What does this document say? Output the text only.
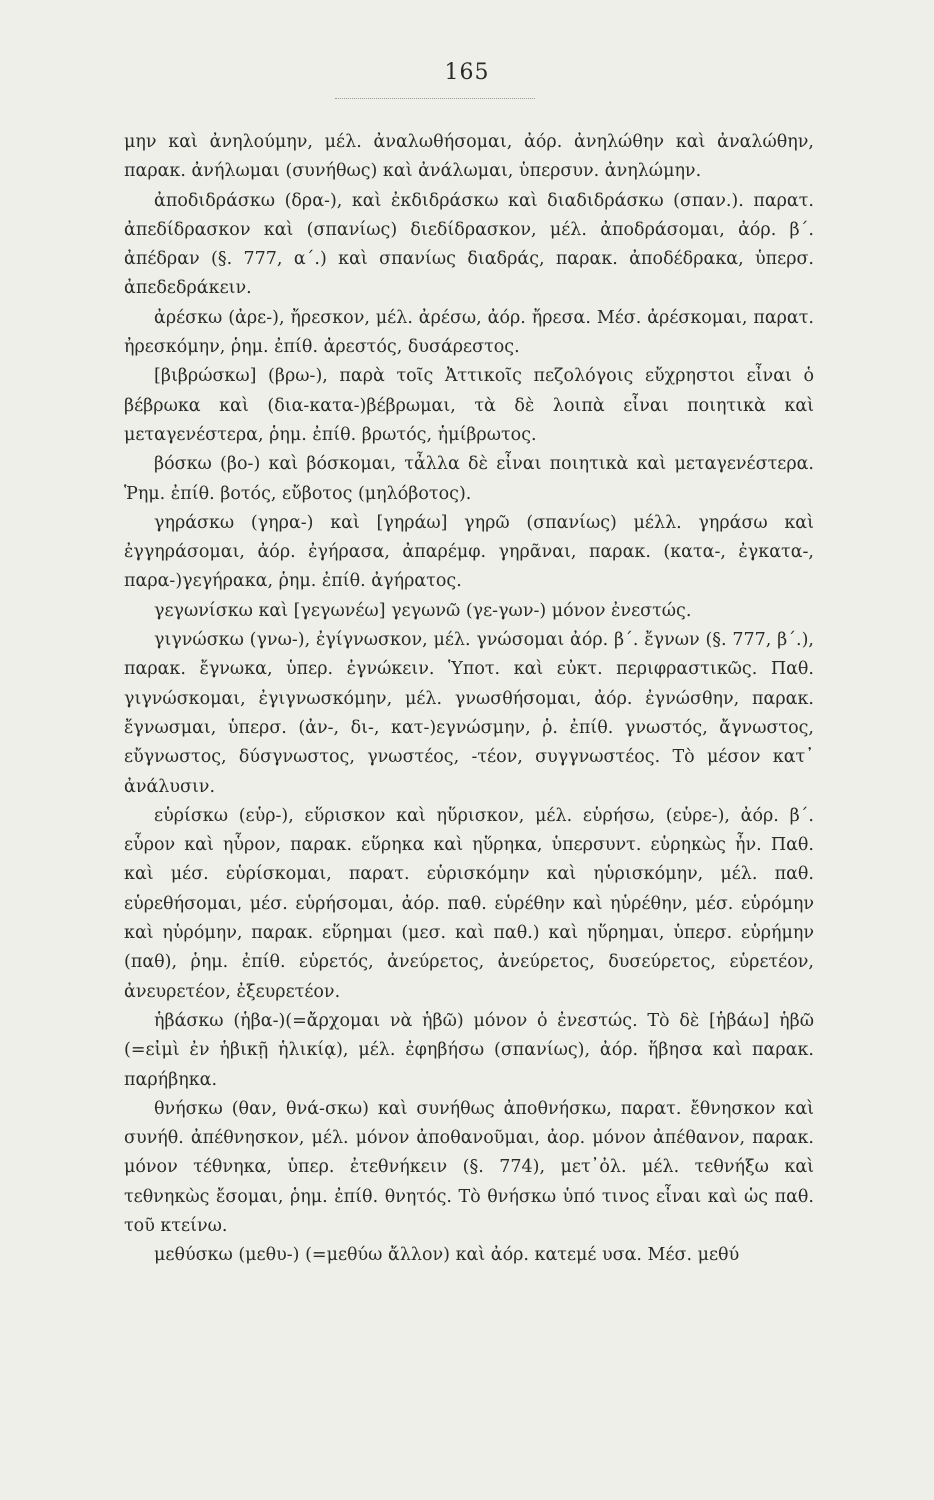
165

μην καὶ ἀνηλούμην, μέλ. ἀναλωθήσομαι, ἀόρ. ἀνηλώθην καὶ ἀναλώθην, παρακ. ἀνήλωμαι (συνήθως) καὶ ἀνάλωμαι, ὑπερσυν. ἀνηλώμην.

ἀποδιδράσκω (δρα-), καὶ ἐκδιδράσκω καὶ διαδιδράσκω (σπαν.). παρατ. ἀπεδίδρασκον καὶ (σπανίως) διεδίδρασκον, μέλ. ἀποδράσομαι, ἀόρ. β΄. ἀπέδραν (§. 777, α΄.) καὶ σπανίως διαδράς, παρακ. ἀποδέδρακα, ὑπερσ. ἀπεδεδράκειν.

ἀρέσκω (ἀρε-), ἤρεσκον, μέλ. ἀρέσω, ἀόρ. ἤρεσα. Μέσ. ἀρέσκομαι, παρατ. ἠρεσκόμην, ῥημ. ἐπίθ. ἀρεστός, δυσάρεστος.

[βιβρώσκω] (βρω-), παρὰ τοῖς Ἀττικοῖς πεζολόγοις εὔχρηστοι εἶναι ὁ βέβρωκα καὶ (δια-κατα-)βέβρωμαι, τὰ δὲ λοιπὰ εἶναι ποιητικὰ καὶ μεταγενέστερα, ῥημ. ἐπίθ. βρωτός, ἡμίβρωτος.

βόσκω (βο-) καὶ βόσκομαι, τἆλλα δὲ εἶναι ποιητικὰ καὶ μεταγενέστερα. Ῥημ. ἐπίθ. βοτός, εὔβοτος (μηλόβοτος).

γηράσκω (γηρα-) καὶ [γηράω] γηρῶ (σπανίως) μέλλ. γηράσω καὶ ἐγγηράσομαι, ἀόρ. ἐγήρασα, ἀπαρέμφ. γηρᾶναι, παρακ. (κατα-, ἐγκατα-, παρα-)γεγήρακα, ῥημ. ἐπίθ. ἀγήρατος.

γεγωνίσκω καὶ [γεγωνέω] γεγωνῶ (γε-γων-) μόνον ἐνεστώς.

γιγνώσκω (γνω-), ἐγίγνωσκον, μέλ. γνώσομαι ἀόρ. β΄. ἔγνων (§. 777, β΄.), παρακ. ἔγνωκα, ὑπερ. ἐγνώκειν. Ὑποτ. καὶ εὐκτ. περιφραστικῶς. Παθ. γιγνώσκομαι, ἐγιγνωσκόμην, μέλ. γνωσθήσομαι, ἀόρ. ἐγνώσθην, παρακ. ἔγνωσμαι, ὑπερσ. (ἀν-, δι-, κατ-)εγνώσμην, ῥ. ἐπίθ. γνωστός, ἄγνωστος, εὔγνωστος, δύσγνωστος, γνωστέος, -τέον, συγγνωστέος. Τὸ μέσον κατ᾽ ἀνάλυσιν.

εὑρίσκω (εὑρ-), εὕρισκον καὶ ηὕρισκον, μέλ. εὑρήσω, (εὑρε-), ἀόρ. β΄. εὗρον καὶ ηὗρον, παρακ. εὕρηκα καὶ ηὕρηκα, ὑπερσυντ. εὑρηκὼς ἦν. Παθ. καὶ μέσ. εὑρίσκομαι, παρατ. εὑρισκόμην καὶ ηὑρισκόμην, μέλ. παθ. εὑρεθήσομαι, μέσ. εὑρήσομαι, ἀόρ. παθ. εὑρέθην καὶ ηὑρέθην, μέσ. εὑρόμην καὶ ηὑρόμην, παρακ. εὕρημαι (μεσ. καὶ παθ.) καὶ ηὕρημαι, ὑπερσ. εὑρήμην (παθ), ῥημ. ἐπίθ. εὑρετός, ἀνεύρετος, ἀνεύρετος, δυσεύρετος, εὑρετέον, ἀνευρετέον, ἐξευρετέον.

ἡβάσκω (ἡβα-)(=ἄρχομαι νὰ ἡβῶ) μόνον ὁ ἐνεστώς. Τὸ δὲ [ἡβάω] ἡβῶ (=εἰμὶ ἐν ἡβικῇ ἡλικίᾳ), μέλ. ἐφηβήσω (σπανίως), ἀόρ. ἥβησα καὶ παρακ. παρήβηκα.

θνήσκω (θαν, θνά-σκω) καὶ συνήθως ἀποθνήσκω, παρατ. ἔθνησκον καὶ συνήθ. ἀπέθνησκον, μέλ. μόνον ἀποθανοῦμαι, ἀορ. μόνον ἀπέθανον, παρακ. μόνον τέθνηκα, ὑπερ. ἐτεθνήκειν (§. 774), μετ᾽ὀλ. μέλ. τεθνήξω καὶ τεθνηκὼς ἔσομαι, ῥημ. ἐπίθ. θνητός. Τὸ θνήσκω ὑπό τινος εἶναι καὶ ὡς παθ. τοῦ κτείνω.

μεθύσκω (μεθυ-) (=μεθύω ἄλλον) καὶ ἀόρ. κατεμέ υσα. Μέσ. μεθύ
